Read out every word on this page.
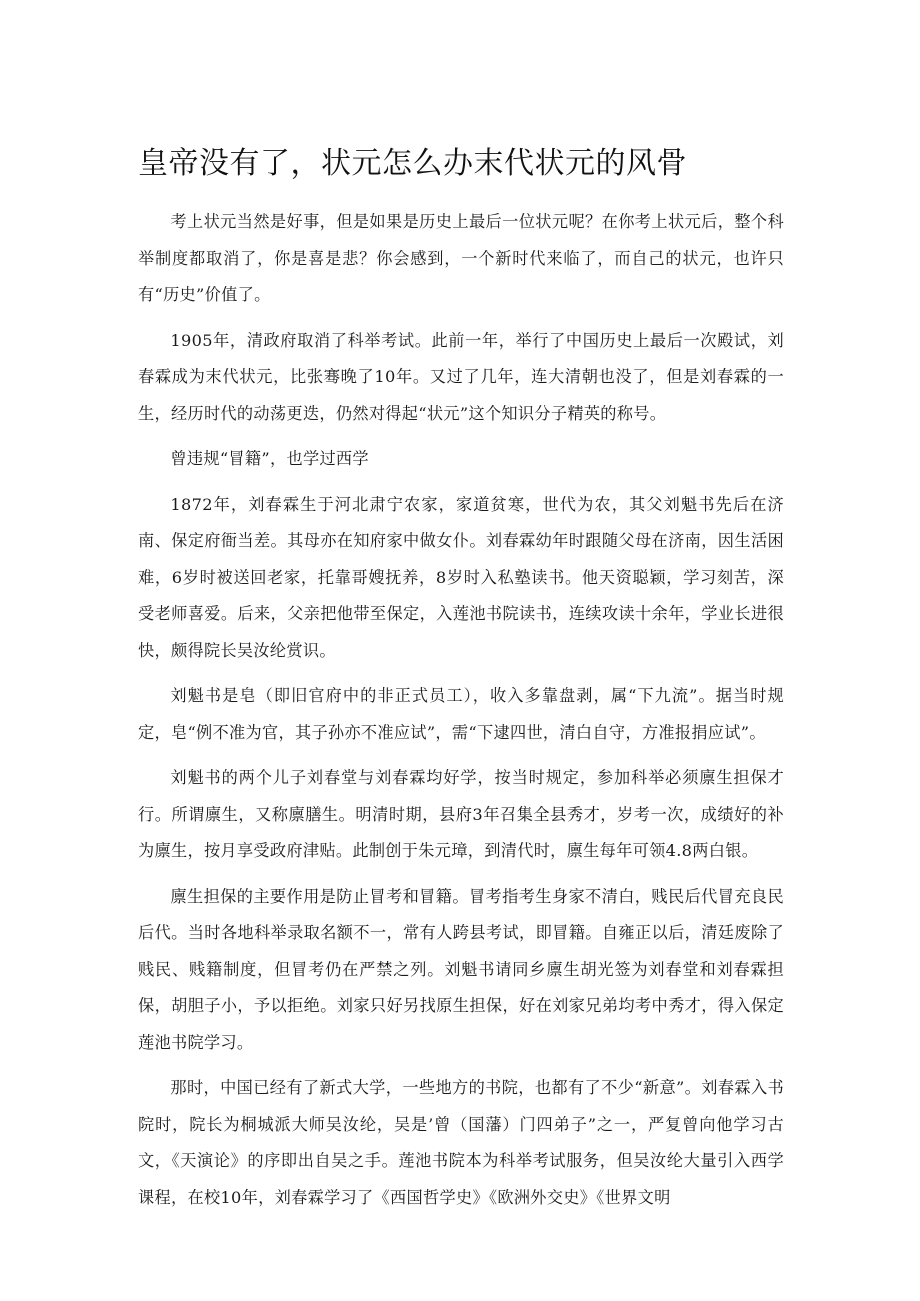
皇帝没有了，状元怎么办末代状元的风骨

考上状元当然是好事，但是如果是历史上最后一位状元呢？在你考上状元后，整个科举制度都取消了，你是喜是悲？你会感到，一个新时代来临了，而自己的状元，也许只有“历史”价值了。

1905年，清政府取消了科举考试。此前一年，举行了中国历史上最后一次殿试，刘春霖成为末代状元，比张骞晚了10年。又过了几年，连大清朝也没了，但是刘春霖的一生，经历时代的动荡更迭，仍然对得起“状元”这个知识分子精英的称号。

曾违规“冒籍”，也学过西学

1872年，刘春霖生于河北肃宁农家，家道贫寒，世代为农，其父刘魁书先后在济南、保定府衙当差。其母亦在知府家中做女仆。刘春霖幼年时跟随父母在济南，因生活困难，6岁时被送回老家，托靠哥嫂抚养，8岁时入私塾读书。他天资聪颖，学习刻苦，深受老师喜爱。后来，父亲把他带至保定，入莲池书院读书，连续攻读十余年，学业长进很快，颇得院长吴汝纶赏识。

刘魁书是皂（即旧官府中的非正式员工），收入多靠盘剥，属“下九流”。据当时规定，皂“例不准为官，其子孙亦不准应试”，需“下逮四世，清白自守，方准报捐应试”。

刘魁书的两个儿子刘春堂与刘春霖均好学，按当时规定，参加科举必须廪生担保才行。所谓廪生，又称廪膳生。明清时期，县府3年召集全县秀才，岁考一次，成绩好的补为廪生，按月享受政府津贴。此制创于朱元璋，到清代时，廪生每年可领4.8两白银。

廪生担保的主要作用是防止冒考和冒籍。冒考指考生身家不清白，贱民后代冒充良民后代。当时各地科举录取名额不一，常有人跨县考试，即冒籍。自雍正以后，清廷废除了贱民、贱籍制度，但冒考仍在严禁之列。刘魁书请同乡廪生胡光签为刘春堂和刘春霖担保，胡胆子小，予以拒绝。刘家只好另找原生担保，好在刘家兄弟均考中秀才，得入保定莲池书院学习。

那时，中国已经有了新式大学，一些地方的书院，也都有了不少“新意”。刘春霖入书院时，院长为桐城派大师吴汝纶，吴是’曾（国藩）门四弟子”之一，严复曾向他学习古文，《天演论》的序即出自吴之手。莲池书院本为科举考试服务，但吴汝纶大量引入西学课程，在校10年，刘春霖学习了《西国哲学史》《欧洲外交史》《世界文明
